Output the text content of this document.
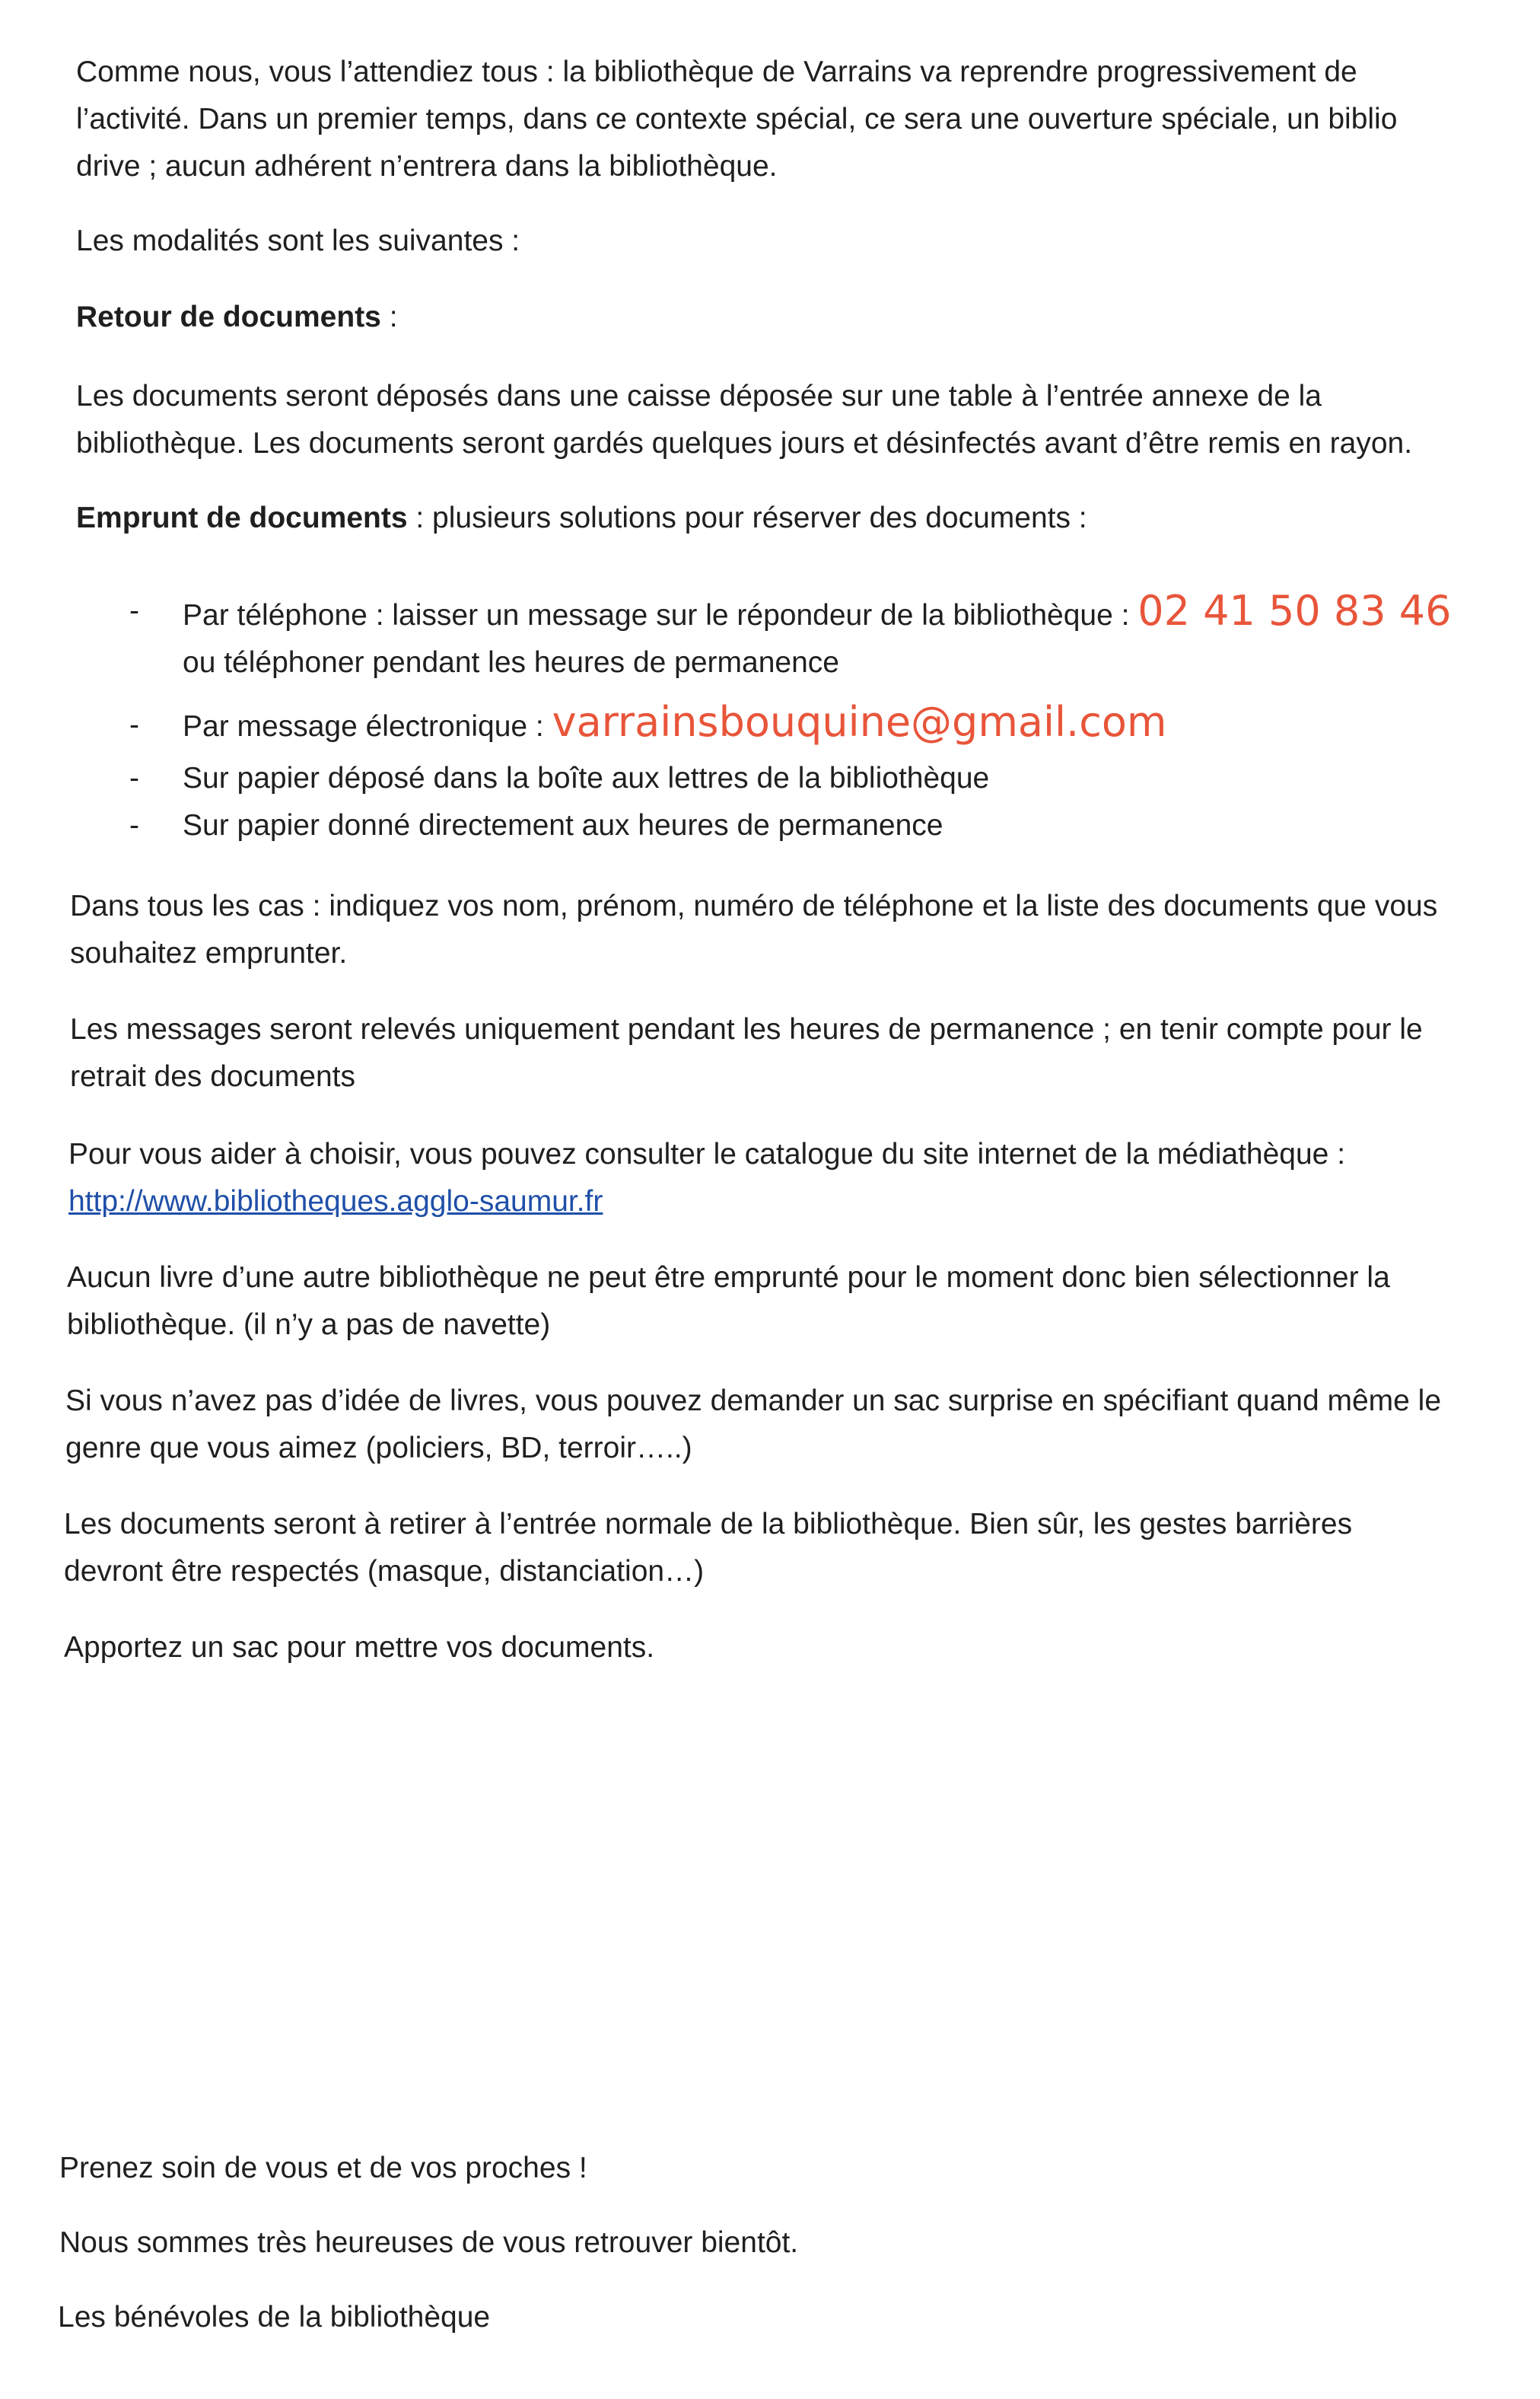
Comme nous, vous l’attendiez tous : la bibliothèque de Varrains va reprendre progressivement de
l’activité. Dans un premier temps, dans ce contexte spécial, ce sera une ouverture spéciale, un biblio
drive ; aucun adhérent n’entrera dans la bibliothèque.
Les modalités sont les suivantes :
Retour de documents :
Les documents seront déposés dans une caisse déposée sur une table à l’entrée annexe de la
bibliothèque. Les documents seront gardés quelques jours et désinfectés avant d’être remis en rayon.
Emprunt de documents : plusieurs solutions pour réserver des documents :
- Par téléphone : laisser un message sur le répondeur de la bibliothèque : 02 41 50 83 46
ou téléphoner pendant les heures de permanence
- Par message électronique : varrainsbouquine@gmail.com
- Sur papier déposé dans la boîte aux lettres de la bibliothèque
- Sur papier donné directement aux heures de permanence
Dans tous les cas : indiquez vos nom, prénom, numéro de téléphone et la liste des documents que vous
souhaitez emprunter.
Les messages seront relevés uniquement pendant les heures de permanence ; en tenir compte pour le
retrait des documents
Pour vous aider à choisir, vous pouvez consulter le catalogue du site internet de la médiathèque :
http://www.bibliotheques.agglo-saumur.fr
Aucun livre d’une autre bibliothèque ne peut être emprunté pour le moment donc bien sélectionner la
bibliothèque. (il n’y a pas de navette)
Si vous n’avez pas d’idée de livres, vous pouvez demander un sac surprise en spécifiant quand même le
genre que vous aimez (policiers, BD, terroir…..)
Les documents seront à retirer à l’entrée normale de la bibliothèque. Bien sûr, les gestes barrières
devront être respectés (masque, distanciation…)
Apportez un sac pour mettre vos documents.
Prenez soin de vous et de vos proches !
Nous sommes très heureuses de vous retrouver bientôt.
Les bénévoles de la bibliothèque
